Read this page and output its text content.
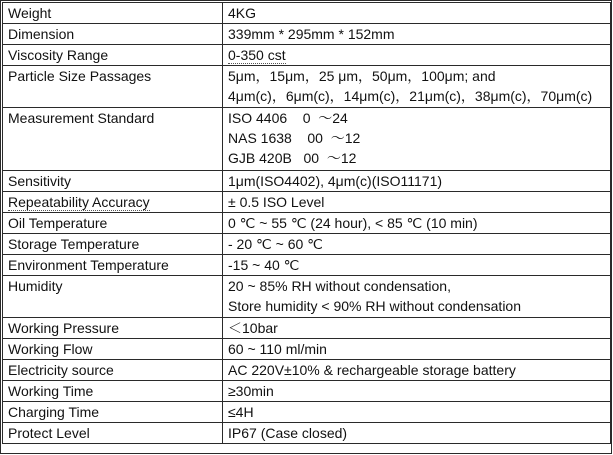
Weight	4KG

Dimension	339mm * 295mm * 152mm

Viscosity Range	0-350 cst

Particle Size Passages	5μm，15μm，25 μm，50μm，100μm; and
4μm(c)，6μm(c)，14μm(c)，21μm(c)，38μm(c)，70μm(c)

Measurement Standard	ISO 4406    0  ～24
NAS 1638    00  ～12
GJB 420B   00  ～12

Sensitivity	1μm(ISO4402), 4μm(c)(ISO11171)

Repeatability Accuracy	± 0.5 ISO Level

Oil Temperature	0 ℃ ~ 55 ℃ (24 hour), < 85 ℃ (10 min)

Storage Temperature	- 20 ℃ ~ 60 ℃

Environment Temperature	-15 ~ 40 ℃

Humidity	20 ~ 85% RH without condensation,
Store humidity < 90% RH without condensation

Working Pressure	＜10bar

Working Flow	60 ~ 110 ml/min

Electricity source	AC 220V±10% & rechargeable storage battery

Working Time	≥30min

Charging Time	≤4H

Protect Level	IP67 (Case closed)
